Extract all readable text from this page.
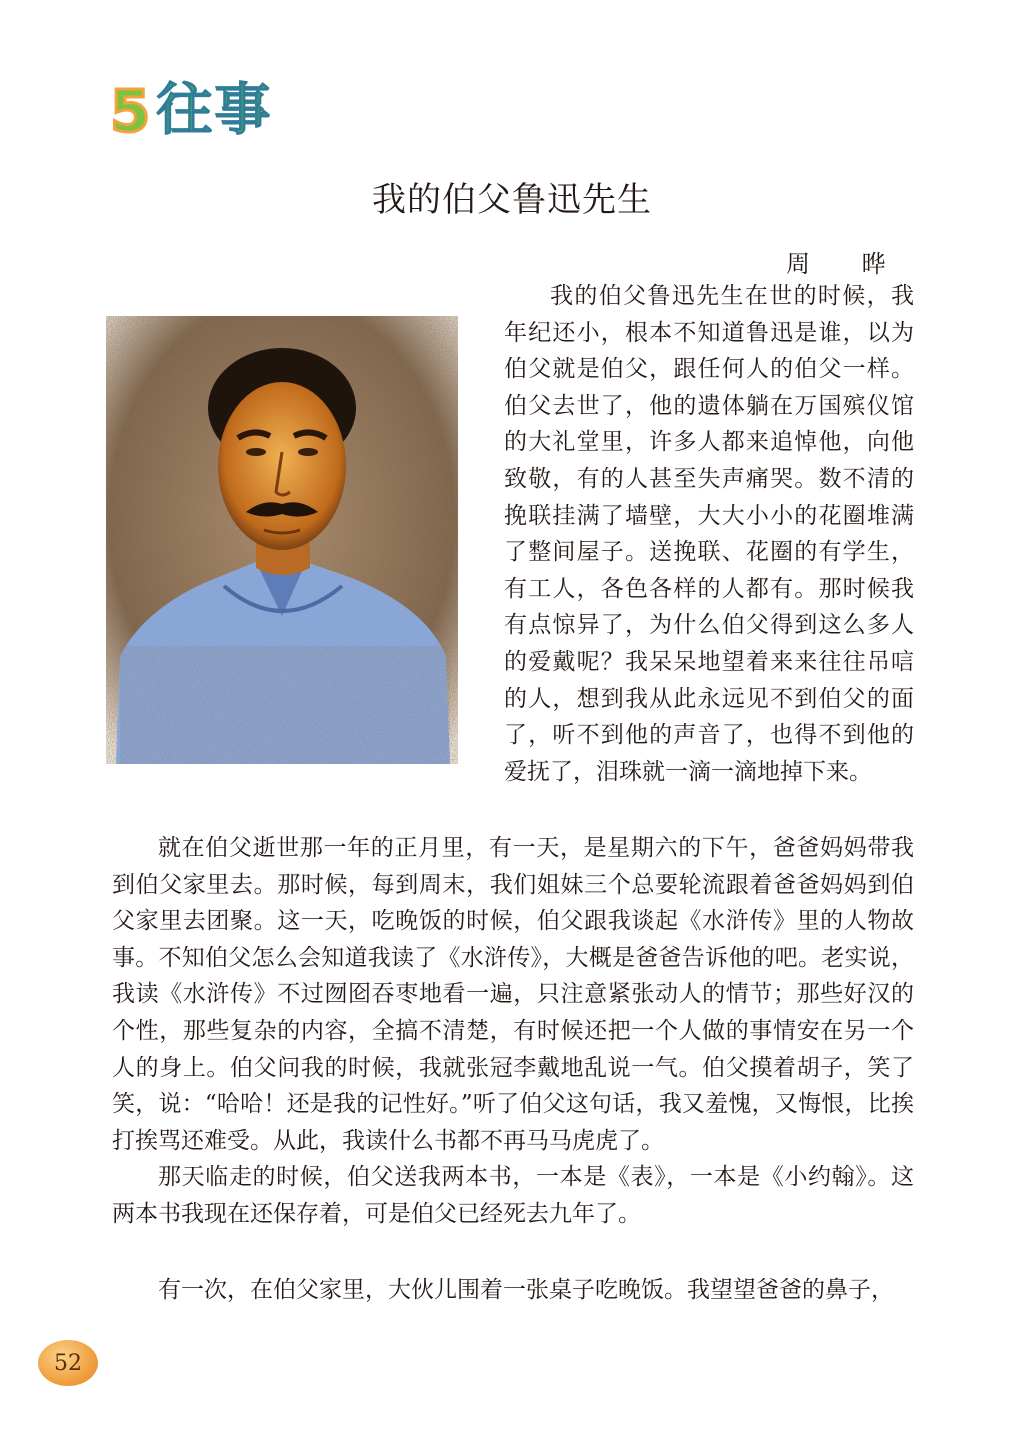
5 往事
我的伯父鲁迅先生
周 晔

我的伯父鲁迅先生在世的时候，我年纪还小，根本不知道鲁迅是谁，以为伯父就是伯父，跟任何人的伯父一样。伯父去世了，他的遗体躺在万国殡仪馆的大礼堂里，许多人都来追悼他，向他致敬，有的人甚至失声痛哭。数不清的挽联挂满了墙壁，大大小小的花圈堆满了整间屋子。送挽联、花圈的有学生，有工人，各色各样的人都有。那时候我有点惊异了，为什么伯父得到这么多人的爱戴呢？我呆呆地望着来来往往吊唁的人，想到我从此永远见不到伯父的面了，听不到他的声音了，也得不到他的爱抚了，泪珠就一滴一滴地掉下来。

就在伯父逝世那一年的正月里，有一天，是星期六的下午，爸爸妈妈带我到伯父家里去。那时候，每到周末，我们姐妹三个总要轮流跟着爸爸妈妈到伯父家里去团聚。这一天，吃晚饭的时候，伯父跟我谈起《水浒传》里的人物故事。不知伯父怎么会知道我读了《水浒传》，大概是爸爸告诉他的吧。老实说，我读《水浒传》不过囫囵吞枣地看一遍，只注意紧张动人的情节；那些好汉的个性，那些复杂的内容，全搞不清楚，有时候还把一个人做的事情安在另一个人的身上。伯父问我的时候，我就张冠李戴地乱说一气。伯父摸着胡子，笑了笑，说：“哈哈！还是我的记性好。”听了伯父这句话，我又羞愧，又悔恨，比挨打挨骂还难受。从此，我读什么书都不再马马虎虎了。

那天临走的时候，伯父送我两本书，一本是《表》，一本是《小约翰》。这两本书我现在还保存着，可是伯父已经死去九年了。

有一次，在伯父家里，大伙儿围着一张桌子吃晚饭。我望望爸爸的鼻子，

52
